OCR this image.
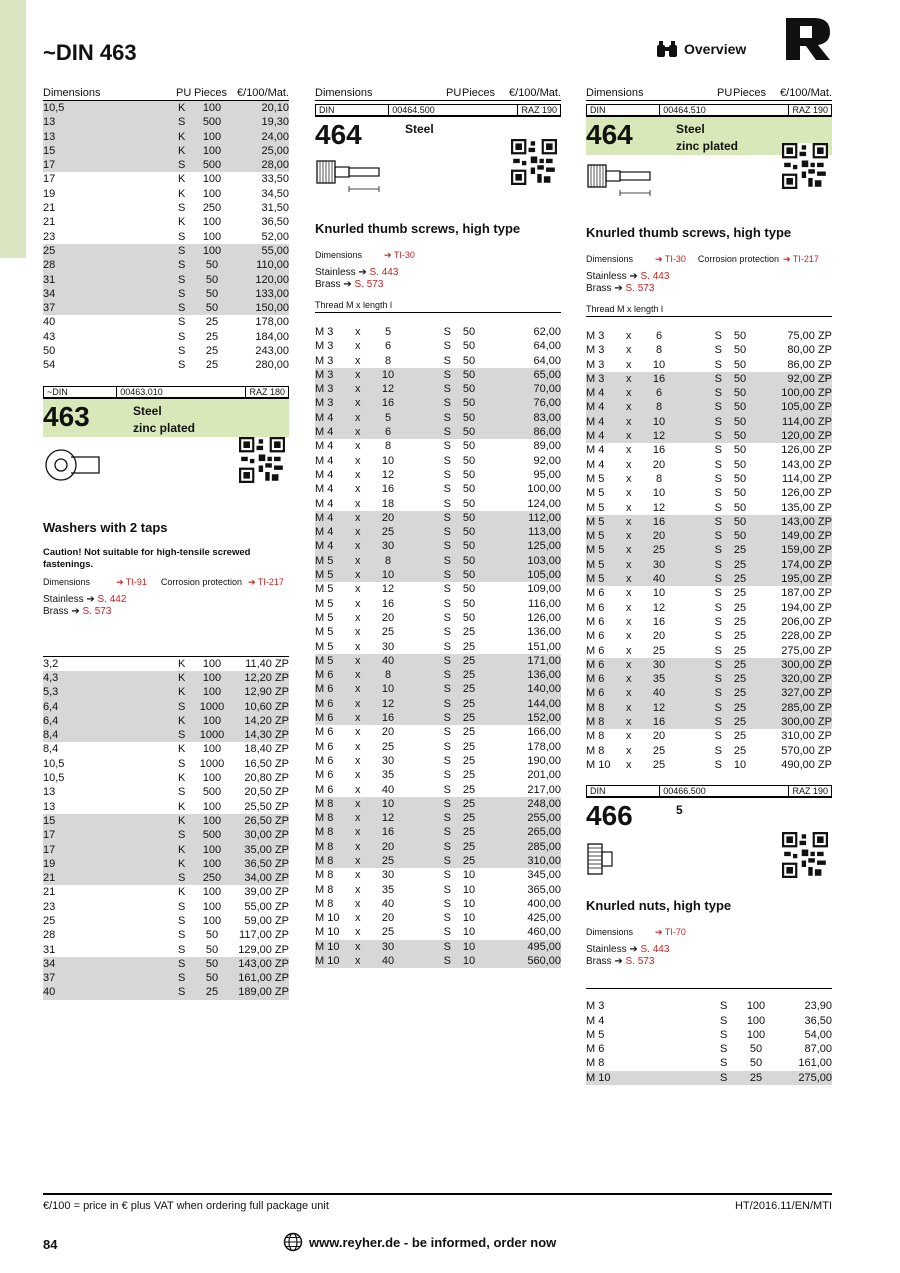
~DIN 463	Overview
Dimensions	PU Pieces €/100/Mat.
10,5	K	100	20,10
13	S	500	19,30
13	K	100	24,00
15	K	100	25,00
17	S	500	28,00
17	K	100	33,50
19	K	100	34,50
21	S	250	31,50
21	K	100	36,50
23	S	100	52,00
25	S	100	55,00
28	S	50	110,00
31	S	50	120,00
34	S	50	133,00
37	S	50	150,00
40	S	25	178,00
43	S	25	184,00
50	S	25	243,00
54	S	25	280,00
~DIN	00463.010	RAZ 180
463	Steel
zinc plated
Washers with 2 taps
Caution! Not suitable for high-tensile screwed fastenings.
Dimensions	➔ TI-91 Corrosion protection ➔ TI-217
Stainless ➔ S. 442
Brass ➔ S. 573
3,2	K	100	11,40 ZP
4,3	K	100	12,20 ZP
5,3	K	100	12,90 ZP
6,4	S	1000	10,60 ZP
6,4	K	100	14,20 ZP
8,4	S	1000	14,30 ZP
8,4	K	100	18,40 ZP
10,5	S	1000	16,50 ZP
10,5	K	100	20,80 ZP
13	S	500	20,50 ZP
13	K	100	25,50 ZP
15	K	100	26,50 ZP
17	S	500	30,00 ZP
17	K	100	35,00 ZP
19	K	100	36,50 ZP
21	S	250	34,00 ZP
21	K	100	39,00 ZP
23	S	100	55,00 ZP
25	S	100	59,00 ZP
28	S	50	117,00 ZP
31	S	50	129,00 ZP
34	S	50	143,00 ZP
37	S	50	161,00 ZP
40	S	25	189,00 ZP
Dimensions	PU Pieces €/100/Mat.
DIN	00464.500	RAZ 190
464	Steel
Knurled thumb screws, high type
Dimensions ➔ TI-30
Stainless ➔ S. 443
Brass ➔ S. 573
Thread M x length l
M 3	x	5	S	50	62,00
M 3	x	6	S	50	64,00
M 3	x	8	S	50	64,00
M 3	x	10	S	50	65,00
M 3	x	12	S	50	70,00
M 3	x	16	S	50	76,00
M 4	x	5	S	50	83,00
M 4	x	6	S	50	86,00
M 4	x	8	S	50	89,00
M 4	x	10	S	50	92,00
M 4	x	12	S	50	95,00
M 4	x	16	S	50	100,00
M 4	x	18	S	50	124,00
M 4	x	20	S	50	112,00
M 4	x	25	S	50	113,00
M 4	x	30	S	50	125,00
M 5	x	8	S	50	103,00
M 5	x	10	S	50	105,00
M 5	x	12	S	50	109,00
M 5	x	16	S	50	116,00
M 5	x	20	S	50	126,00
M 5	x	25	S	25	136,00
M 5	x	30	S	25	151,00
M 5	x	40	S	25	171,00
M 6	x	8	S	25	136,00
M 6	x	10	S	25	140,00
M 6	x	12	S	25	144,00
M 6	x	16	S	25	152,00
M 6	x	20	S	25	166,00
M 6	x	25	S	25	178,00
M 6	x	30	S	25	190,00
M 6	x	35	S	25	201,00
M 6	x	40	S	25	217,00
M 8	x	10	S	25	248,00
M 8	x	12	S	25	255,00
M 8	x	16	S	25	265,00
M 8	x	20	S	25	285,00
M 8	x	25	S	25	310,00
M 8	x	30	S	10	345,00
M 8	x	35	S	10	365,00
M 8	x	40	S	10	400,00
M 10	x	20	S	10	425,00
M 10	x	25	S	10	460,00
M 10	x	30	S	10	495,00
M 10	x	40	S	10	560,00
Dimensions	PU Pieces €/100/Mat.
DIN	00464.510	RAZ 190
464	Steel
zinc plated
Knurled thumb screws, high type
Dimensions ➔ TI-30 Corrosion protection ➔ TI-217
Stainless ➔ S. 443
Brass ➔ S. 573
Thread M x length l
M 3	x	6	S	50	75,00 ZP
M 3	x	8	S	50	80,00 ZP
M 3	x	10	S	50	86,00 ZP
M 3	x	16	S	50	92,00 ZP
M 4	x	6	S	50	100,00 ZP
M 4	x	8	S	50	105,00 ZP
M 4	x	10	S	50	114,00 ZP
M 4	x	12	S	50	120,00 ZP
M 4	x	16	S	50	126,00 ZP
M 4	x	20	S	50	143,00 ZP
M 5	x	8	S	50	114,00 ZP
M 5	x	10	S	50	126,00 ZP
M 5	x	12	S	50	135,00 ZP
M 5	x	16	S	50	143,00 ZP
M 5	x	20	S	50	149,00 ZP
M 5	x	25	S	25	159,00 ZP
M 5	x	30	S	25	174,00 ZP
M 5	x	40	S	25	195,00 ZP
M 6	x	10	S	25	187,00 ZP
M 6	x	12	S	25	194,00 ZP
M 6	x	16	S	25	206,00 ZP
M 6	x	20	S	25	228,00 ZP
M 6	x	25	S	25	275,00 ZP
M 6	x	30	S	25	300,00 ZP
M 6	x	35	S	25	320,00 ZP
M 6	x	40	S	25	327,00 ZP
M 8	x	12	S	25	285,00 ZP
M 8	x	16	S	25	300,00 ZP
M 8	x	20	S	25	310,00 ZP
M 8	x	25	S	25	570,00 ZP
M 10	x	25	S	10	490,00 ZP
DIN	00466.500	RAZ 190
466	5
Knurled nuts, high type
Dimensions ➔ TI-70
Stainless ➔ S. 443
Brass ➔ S. 573
M 3	S	100	23,90
M 4	S	100	36,50
M 5	S	100	54,00
M 6	S	50	87,00
M 8	S	50	161,00
M 10	S	25	275,00
€/100 = price in € plus VAT when ordering full package unit	HT/2016.11/EN/MTI
84	www.reyher.de - be informed, order now
